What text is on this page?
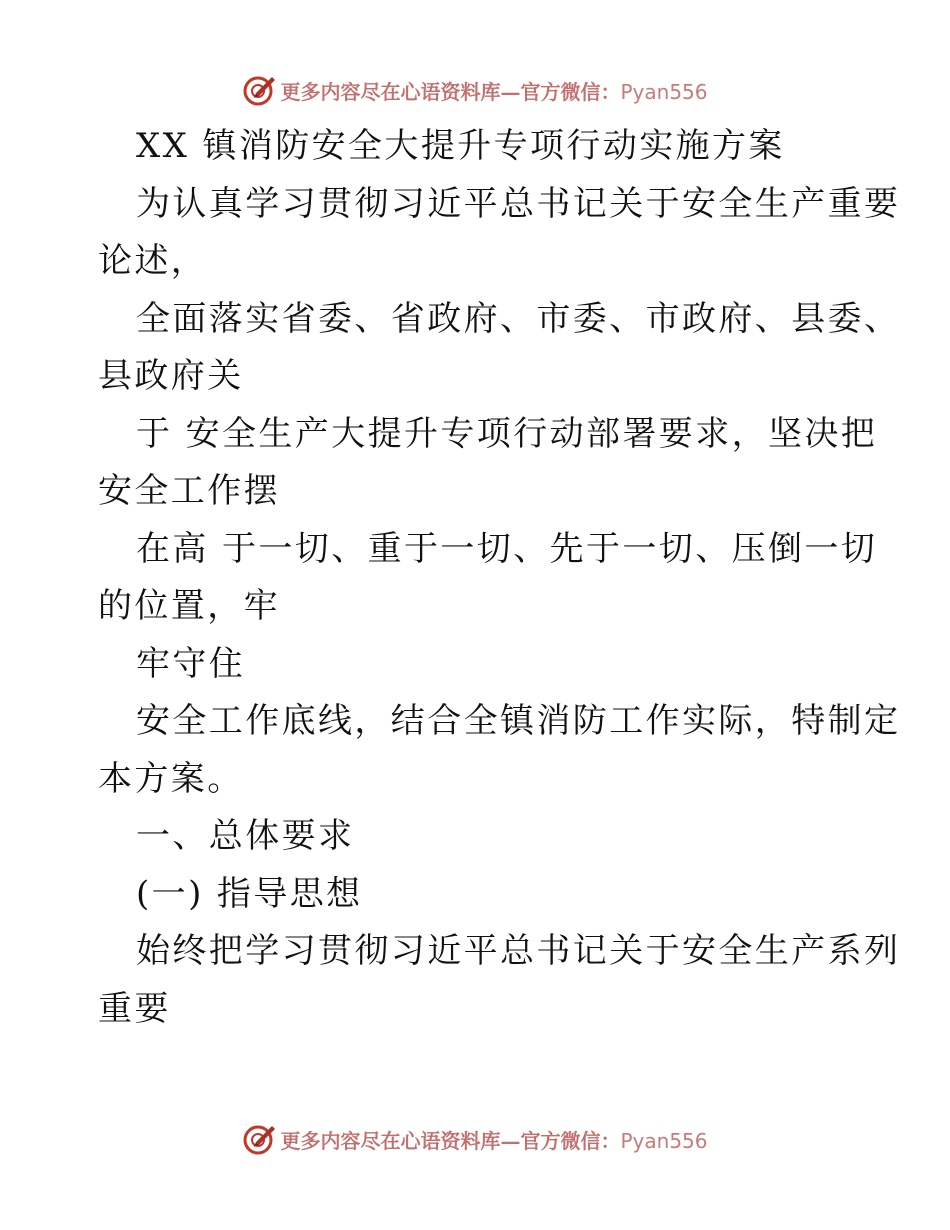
更多内容尽在心语资料库—官方微信：Pyan556
XX 镇消防安全大提升专项行动实施方案
为认真学习贯彻习近平总书记关于安全生产重要
论述，
全面落实省委、省政府、市委、市政府、县委、
县政府关
于 安全生产大提升专项行动部署要求，坚决把
安全工作摆
在高 于一切、重于一切、先于一切、压倒一切
的位置，牢
牢守住
安全工作底线，结合全镇消防工作实际，特制定
本方案。
一、总体要求
(一) 指导思想
始终把学习贯彻习近平总书记关于安全生产系列
重要
更多内容尽在心语资料库—官方微信：Pyan556
